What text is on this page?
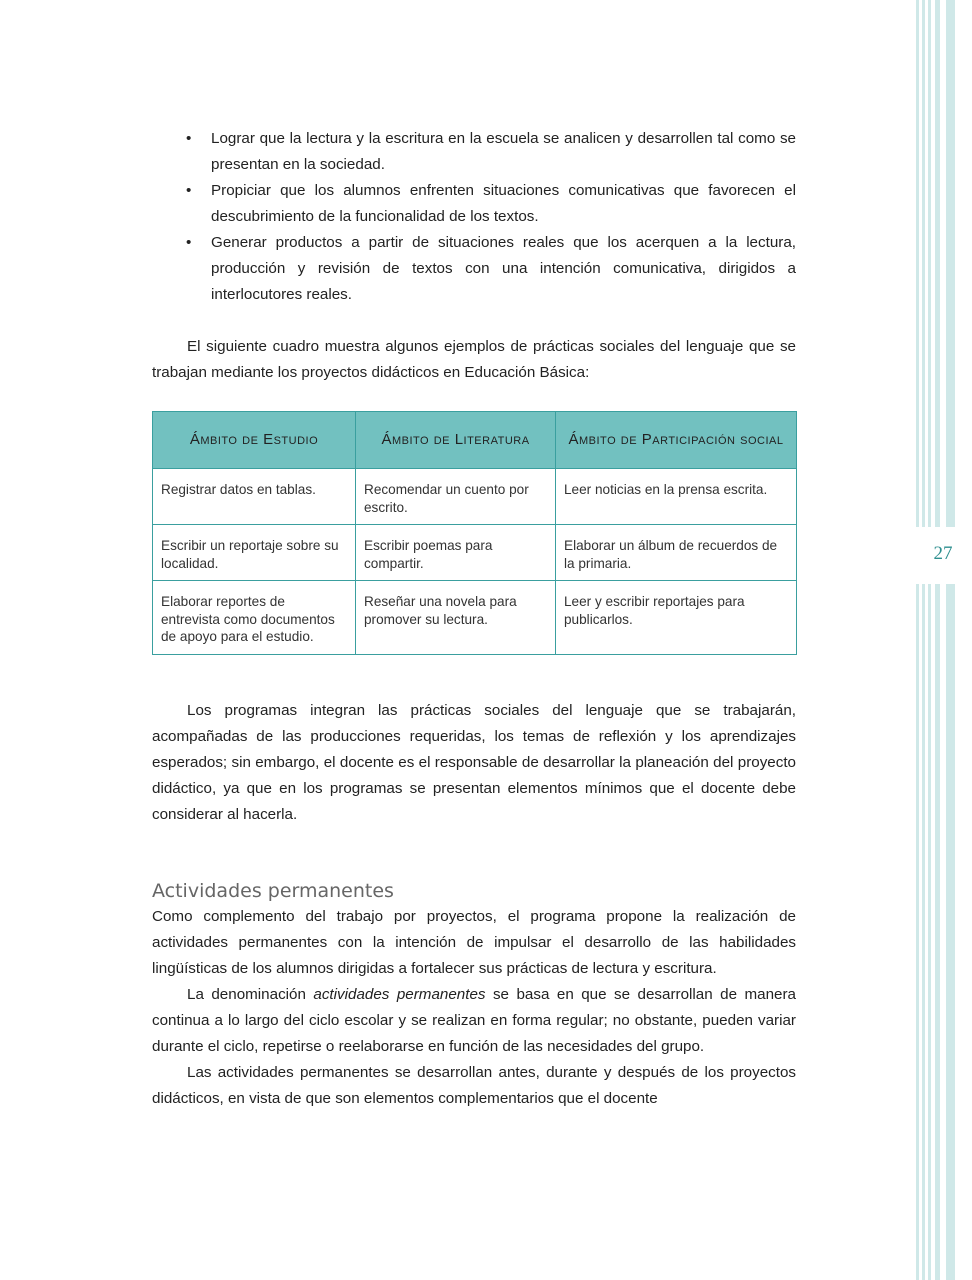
27
• Lograr que la lectura y la escritura en la escuela se analicen y desarrollen tal como se presentan en la sociedad.
• Propiciar que los alumnos enfrenten situaciones comunicativas que favorecen el descubrimiento de la funcionalidad de los textos.
• Generar productos a partir de situaciones reales que los acerquen a la lectura, producción y revisión de textos con una intención comunicativa, dirigidos a interlocutores reales.

El siguiente cuadro muestra algunos ejemplos de prácticas sociales del lenguaje que se trabajan mediante los proyectos didácticos en Educación Básica:

Ámbito de Estudio	Ámbito de Literatura	Ámbito de Participación social
Registrar datos en tablas.	Recomendar un cuento por escrito.	Leer noticias en la prensa escrita.
Escribir un reportaje sobre su localidad.	Escribir poemas para compartir.	Elaborar un álbum de recuerdos de la primaria.
Elaborar reportes de entrevista como documentos de apoyo para el estudio.	Reseñar una novela para promover su lectura.	Leer y escribir reportajes para publicarlos.

Los programas integran las prácticas sociales del lenguaje que se trabajarán, acompañadas de las producciones requeridas, los temas de reflexión y los aprendizajes esperados; sin embargo, el docente es el responsable de desarrollar la planeación del proyecto didáctico, ya que en los programas se presentan elementos mínimos que el docente debe considerar al hacerla.

Actividades permanentes

Como complemento del trabajo por proyectos, el programa propone la realización de actividades permanentes con la intención de impulsar el desarrollo de las habilidades lingüísticas de los alumnos dirigidas a fortalecer sus prácticas de lectura y escritura.

La denominación actividades permanentes se basa en que se desarrollan de manera continua a lo largo del ciclo escolar y se realizan en forma regular; no obstante, pueden variar durante el ciclo, repetirse o reelaborarse en función de las necesidades del grupo.

Las actividades permanentes se desarrollan antes, durante y después de los proyectos didácticos, en vista de que son elementos complementarios que el docente
